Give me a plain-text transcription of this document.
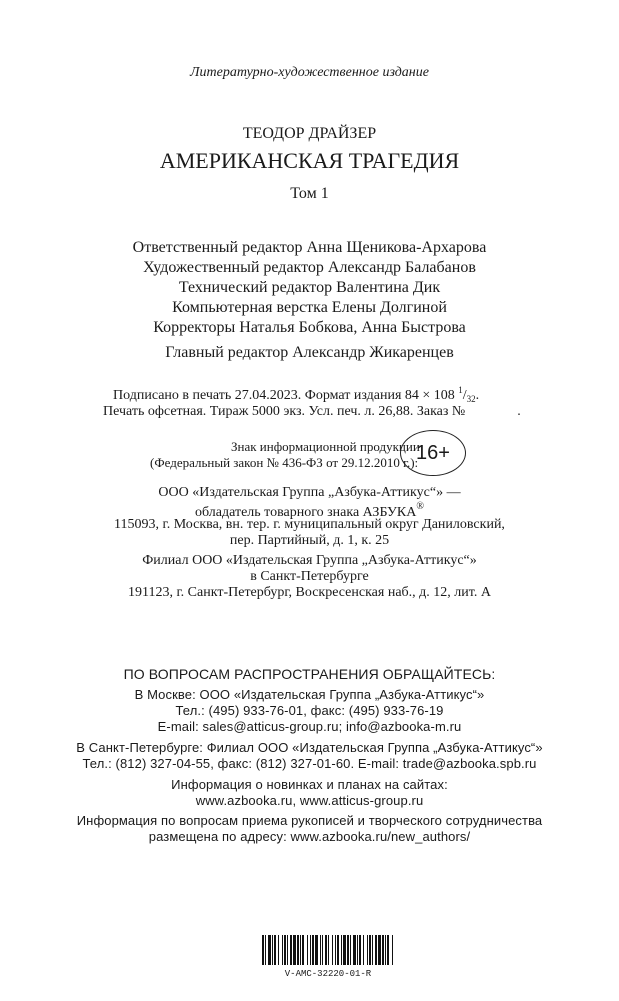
Литературно-художественное издание
ТЕОДОР ДРАЙЗЕР
АМЕРИКАНСКАЯ ТРАГЕДИЯ
Том 1
Ответственный редактор Анна Щеникова-Архарова
Художественный редактор Александр Балабанов
Технический редактор Валентина Дик
Компьютерная верстка Елены Долгиной
Корректоры Наталья Бобкова, Анна Быстрова
Главный редактор Александр Жикаренцев
Подписано в печать 27.04.2023. Формат издания 84 × 108 $^1/_{32}$.
Печать офсетная. Тираж 5000 экз. Усл. печ. л. 26,88. Заказ №	.
Знак информационной продукции
(Федеральный закон № 436-ФЗ от 29.12.2010 г.):
16+
ООО «Издательская Группа „Азбука-Аттикус“» —
обладатель товарного знака АЗБУКА®
115093, г. Москва, вн. тер. г. муниципальный округ Даниловский,
пер. Партийный, д. 1, к. 25
Филиал ООО «Издательская Группа „Азбука-Аттикус“»
в Санкт-Петербурге
191123, г. Санкт-Петербург, Воскресенская наб., д. 12, лит. А
ПО ВОПРОСАМ РАСПРОСТРАНЕНИЯ ОБРАЩАЙТЕСЬ:
В Москве: ООО «Издательская Группа „Азбука-Аттикус“»
Тел.: (495) 933-76-01, факс: (495) 933-76-19
E-mail: sales@atticus-group.ru; info@azbooka-m.ru
В Санкт-Петербурге: Филиал ООО «Издательская Группа „Азбука-Аттикус“»
Тел.: (812) 327-04-55, факс: (812) 327-01-60. E-mail: trade@azbooka.spb.ru
Информация о новинках и планах на сайтах:
www.azbooka.ru, www.atticus-group.ru
Информация по вопросам приема рукописей и творческого сотрудничества
размещена по адресу: www.azbooka.ru/new_authors/
V-AMC-32220-01-R
